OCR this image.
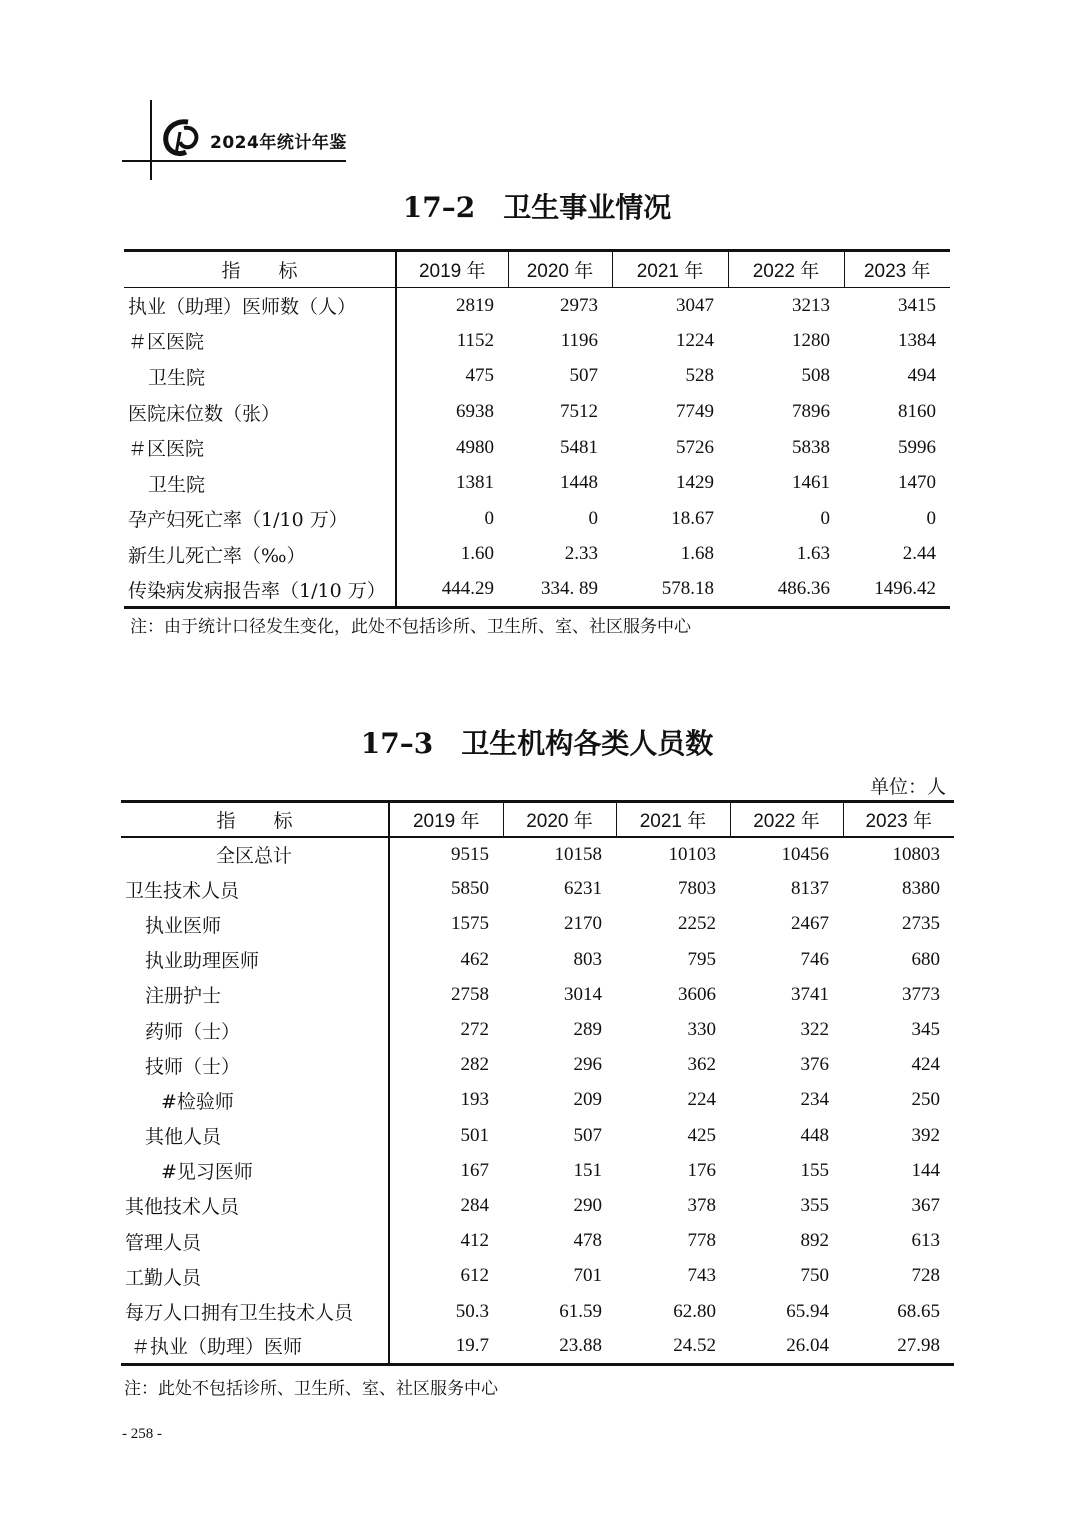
2024年统计年鉴
17–2　卫生事业情况
指　　标	2019 年	2020 年	2021 年	2022 年	2023 年
执业（助理）医师数（人）	2819	2973	3047	3213	3415
＃区医院	1152	1196	1224	1280	1384
卫生院	475	507	528	508	494
医院床位数（张）	6938	7512	7749	7896	8160
＃区医院	4980	5481	5726	5838	5996
卫生院	1381	1448	1429	1461	1470
孕产妇死亡率（1/10 万）	0	0	18.67	0	0
新生儿死亡率（‰）	1.60	2.33	1.68	1.63	2.44
传染病发病报告率（1/10 万）	444.29	334. 89	578.18	486.36	1496.42
注：由于统计口径发生变化，此处不包括诊所、卫生所、室、社区服务中心
17–3　卫生机构各类人员数
单位：人
指　　标	2019 年	2020 年	2021 年	2022 年	2023 年
全区总计	9515	10158	10103	10456	10803
卫生技术人员	5850	6231	7803	8137	8380
执业医师	1575	2170	2252	2467	2735
执业助理医师	462	803	795	746	680
注册护士	2758	3014	3606	3741	3773
药师（士）	272	289	330	322	345
技师（士）	282	296	362	376	424
#检验师	193	209	224	234	250
其他人员	501	507	425	448	392
#见习医师	167	151	176	155	144
其他技术人员	284	290	378	355	367
管理人员	412	478	778	892	613
工勤人员	612	701	743	750	728
每万人口拥有卫生技术人员	50.3	61.59	62.80	65.94	68.65
＃执业（助理）医师	19.7	23.88	24.52	26.04	27.98
注：此处不包括诊所、卫生所、室、社区服务中心
- 258 -
